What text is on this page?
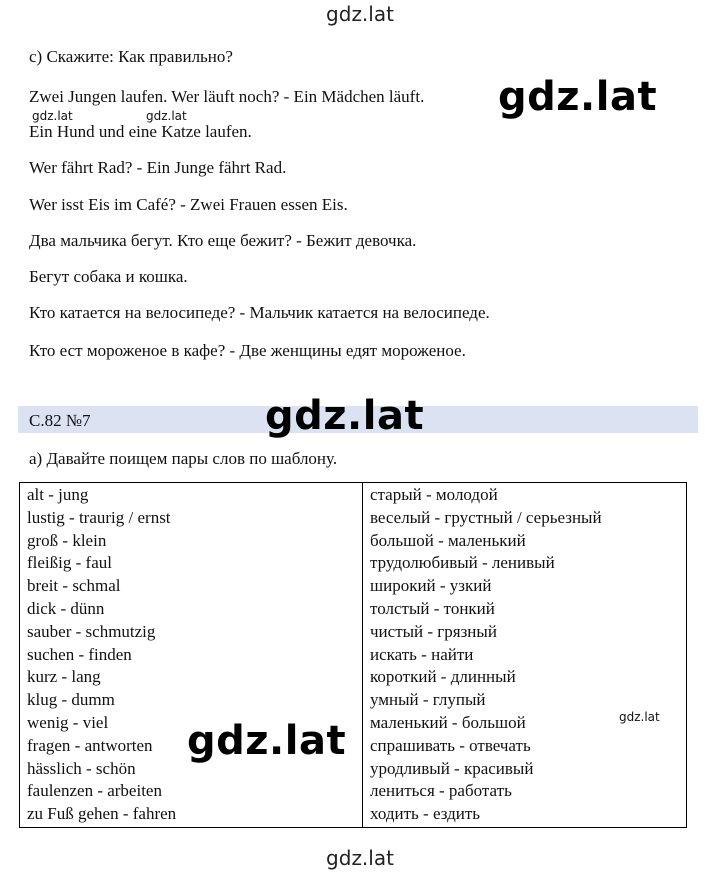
gdz.lat
с) Скажите: Как правильно?
Zwei Jungen laufen. Wer läuft noch? - Ein Mädchen läuft.
Ein Hund und eine Katze laufen.
Wer fährt Rad? - Ein Junge fährt Rad.
Wer isst Eis im Café? - Zwei Frauen essen Eis.
Два мальчика бегут. Кто еще бежит? - Бежит девочка.
Бегут собака и кошка.
Кто катается на велосипеде? - Мальчик катается на велосипеде.
Кто ест мороженое в кафе? - Две женщины едят мороженое.
gdz.lat	gdz.lat	gdz.lat
С.82 №7	gdz.lat
а) Давайте поищем пары слов по шаблону.
alt - jung	старый - молодой
lustig - traurig / ernst	веселый - грустный / серьезный
groß - klein	большой - маленький
fleißig - faul	трудолюбивый - ленивый
breit - schmal	широкий - узкий
dick - dünn	толстый - тонкий
sauber - schmutzig	чистый - грязный
suchen - finden	искать - найти
kurz - lang	короткий - длинный
klug - dumm	умный - глупый
wenig - viel	маленький - большой
fragen - antworten	спрашивать - отвечать
hässlich - schön	уродливый - красивый
faulenzen - arbeiten	лениться - работать
zu Fuß gehen - fahren	ходить - ездить
gdz.lat
gdz.lat
gdz.lat
